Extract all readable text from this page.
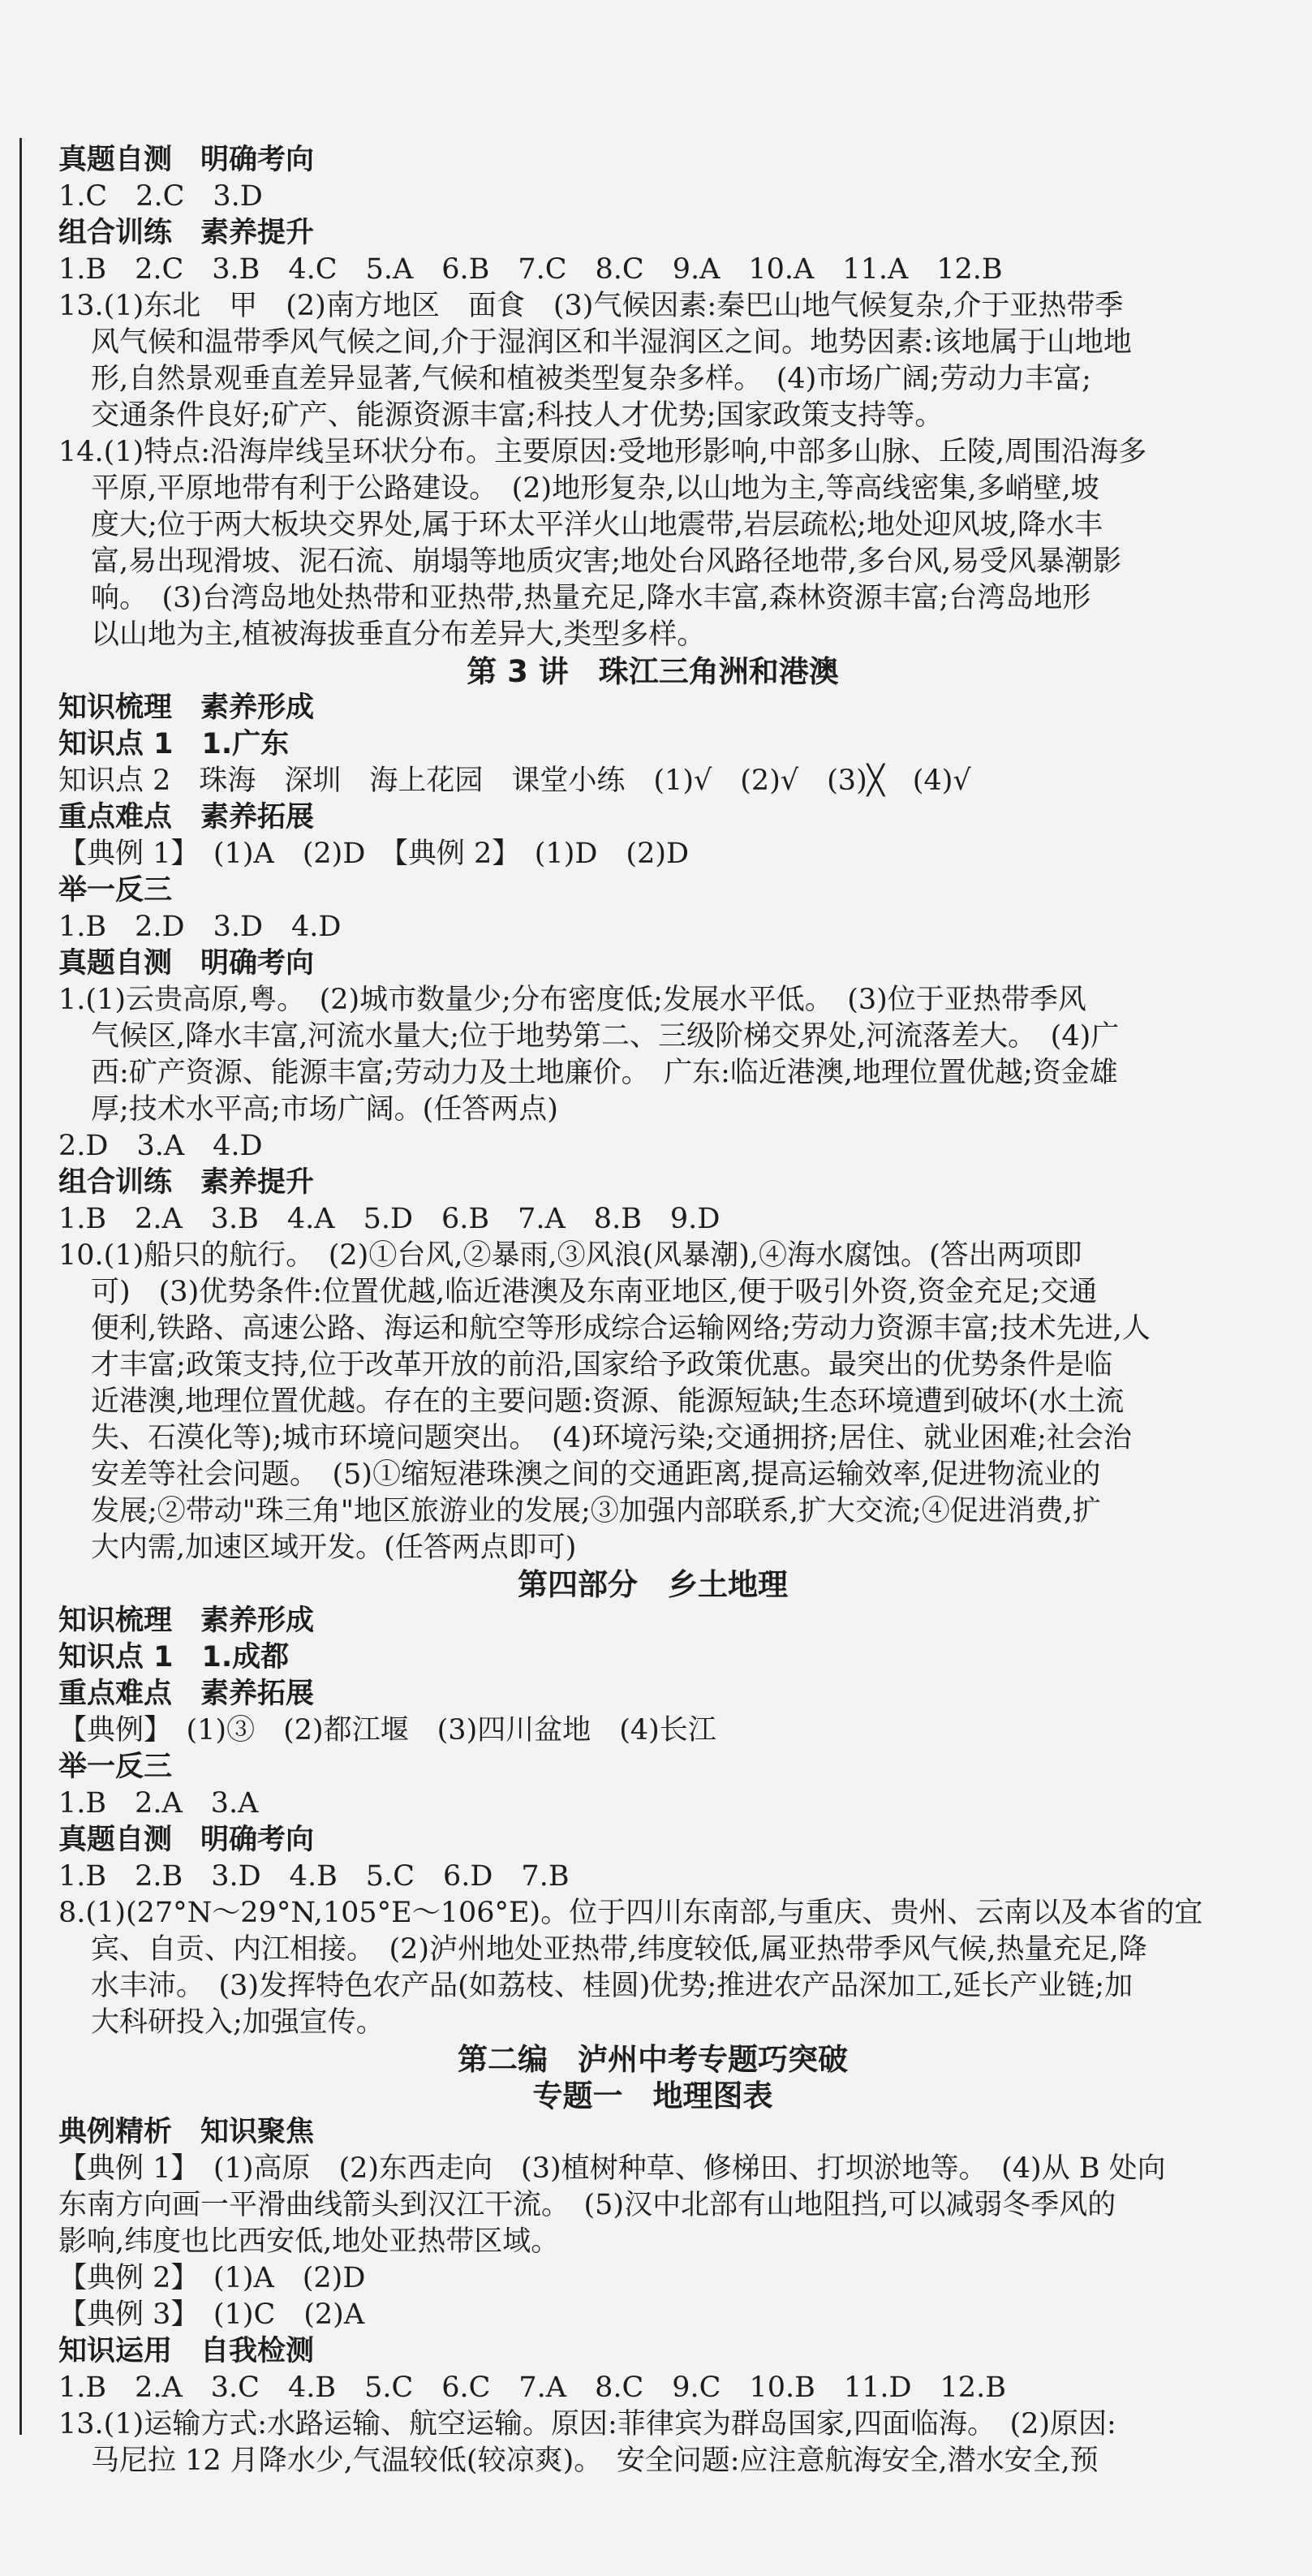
真题自测　明确考向
1.C　2.C　3.D
组合训练　素养提升
1.B　2.C　3.B　4.C　5.A　6.B　7.C　8.C　9.A　10.A　11.A　12.B
13.(1)东北　甲　(2)南方地区　面食　(3)气候因素:秦巴山地气候复杂,介于亚热带季
风气候和温带季风气候之间,介于湿润区和半湿润区之间。地势因素:该地属于山地地
形,自然景观垂直差异显著,气候和植被类型复杂多样。　(4)市场广阔;劳动力丰富;
交通条件良好;矿产、能源资源丰富;科技人才优势;国家政策支持等。
14.(1)特点:沿海岸线呈环状分布。主要原因:受地形影响,中部多山脉、丘陵,周围沿海多
平原,平原地带有利于公路建设。　(2)地形复杂,以山地为主,等高线密集,多峭壁,坡
度大;位于两大板块交界处,属于环太平洋火山地震带,岩层疏松;地处迎风坡,降水丰
富,易出现滑坡、泥石流、崩塌等地质灾害;地处台风路径地带,多台风,易受风暴潮影
响。　(3)台湾岛地处热带和亚热带,热量充足,降水丰富,森林资源丰富;台湾岛地形
以山地为主,植被海拔垂直分布差异大,类型多样。
第 3 讲　珠江三角洲和港澳
知识梳理　素养形成
知识点 1　1.广东
知识点 2　珠海　深圳　海上花园　课堂小练　(1)√　(2)√　(3)╳　(4)√
重点难点　素养拓展
【典例 1】　(1)A　(2)D　【典例 2】　(1)D　(2)D
举一反三
1.B　2.D　3.D　4.D
真题自测　明确考向
1.(1)云贵高原,粤。　(2)城市数量少;分布密度低;发展水平低。　(3)位于亚热带季风
气候区,降水丰富,河流水量大;位于地势第二、三级阶梯交界处,河流落差大。　(4)广
西:矿产资源、能源丰富;劳动力及土地廉价。　广东:临近港澳,地理位置优越;资金雄
厚;技术水平高;市场广阔。(任答两点)
2.D　3.A　4.D
组合训练　素养提升
1.B　2.A　3.B　4.A　5.D　6.B　7.A　8.B　9.D
10.(1)船只的航行。　(2)①台风,②暴雨,③风浪(风暴潮),④海水腐蚀。(答出两项即
可)　(3)优势条件:位置优越,临近港澳及东南亚地区,便于吸引外资,资金充足;交通
便利,铁路、高速公路、海运和航空等形成综合运输网络;劳动力资源丰富;技术先进,人
才丰富;政策支持,位于改革开放的前沿,国家给予政策优惠。最突出的优势条件是临
近港澳,地理位置优越。存在的主要问题:资源、能源短缺;生态环境遭到破坏(水土流
失、石漠化等);城市环境问题突出。　(4)环境污染;交通拥挤;居住、就业困难;社会治
安差等社会问题。　(5)①缩短港珠澳之间的交通距离,提高运输效率,促进物流业的
发展;②带动"珠三角"地区旅游业的发展;③加强内部联系,扩大交流;④促进消费,扩
大内需,加速区域开发。(任答两点即可)
第四部分　乡土地理
知识梳理　素养形成
知识点 1　1.成都
重点难点　素养拓展
【典例】　(1)③　(2)都江堰　(3)四川盆地　(4)长江
举一反三
1.B　2.A　3.A
真题自测　明确考向
1.B　2.B　3.D　4.B　5.C　6.D　7.B
8.(1)(27°N～29°N,105°E～106°E)。位于四川东南部,与重庆、贵州、云南以及本省的宜
宾、自贡、内江相接。　(2)泸州地处亚热带,纬度较低,属亚热带季风气候,热量充足,降
水丰沛。　(3)发挥特色农产品(如荔枝、桂圆)优势;推进农产品深加工,延长产业链;加
大科研投入;加强宣传。
第二编　泸州中考专题巧突破
专题一　地理图表
典例精析　知识聚焦
【典例 1】　(1)高原　(2)东西走向　(3)植树种草、修梯田、打坝淤地等。　(4)从 B 处向
东南方向画一平滑曲线箭头到汉江干流。　(5)汉中北部有山地阻挡,可以减弱冬季风的
影响,纬度也比西安低,地处亚热带区域。
【典例 2】　(1)A　(2)D
【典例 3】　(1)C　(2)A
知识运用　自我检测
1.B　2.A　3.C　4.B　5.C　6.C　7.A　8.C　9.C　10.B　11.D　12.B
13.(1)运输方式:水路运输、航空运输。原因:菲律宾为群岛国家,四面临海。　(2)原因:
马尼拉 12 月降水少,气温较低(较凉爽)。　安全问题:应注意航海安全,潜水安全,预
